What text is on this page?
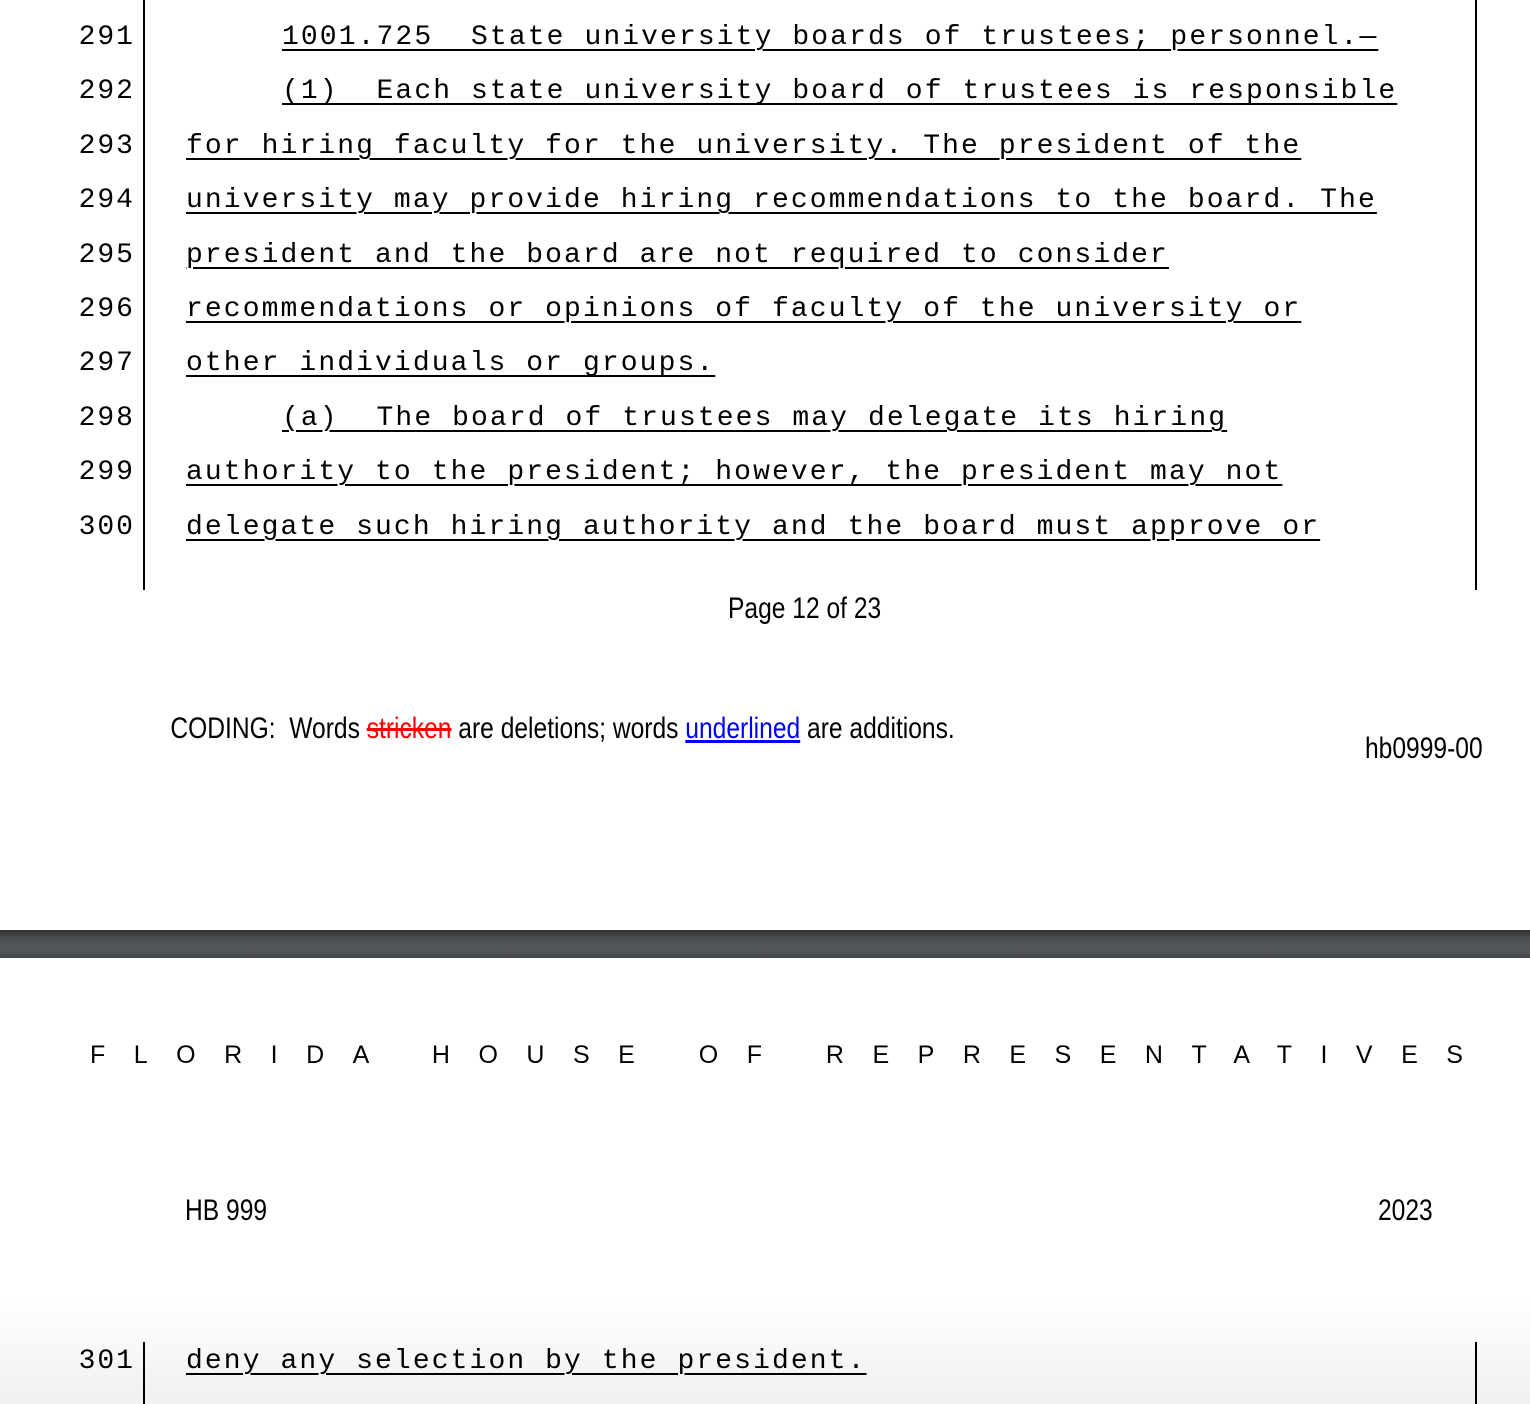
291	1001.725  State university boards of trustees; personnel.—
292	(1)  Each state university board of trustees is responsible
293 for hiring faculty for the university. The president of the
294 university may provide hiring recommendations to the board. The
295 president and the board are not required to consider
296 recommendations or opinions of faculty of the university or
297 other individuals or groups.
298	(a)  The board of trustees may delegate its hiring
299 authority to the president; however, the president may not
300 delegate such hiring authority and the board must approve or
Page 12 of 23

CODING:  Words stricken are deletions; words underlined are additions.

hb0999-00
FLORIDA HOUSE OF REPRESENTATIVES
HB 999	2023
301 deny any selection by the president.
